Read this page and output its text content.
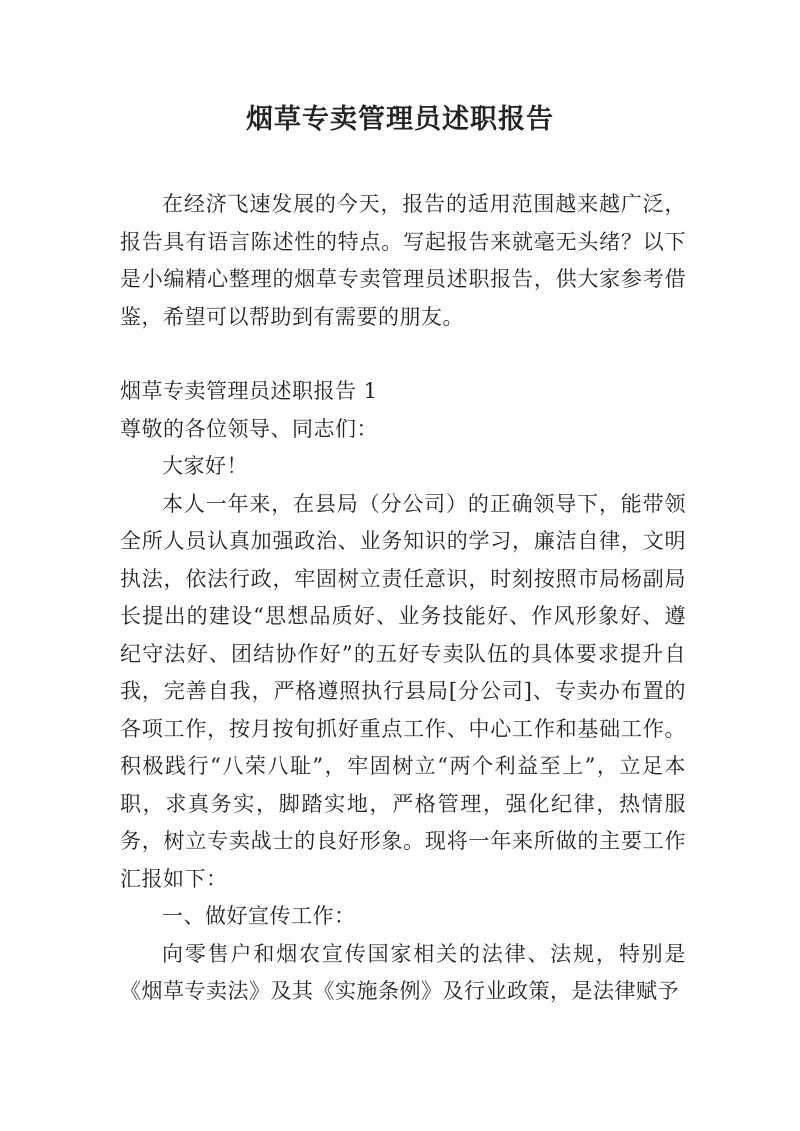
烟草专卖管理员述职报告

在经济飞速发展的今天，报告的适用范围越来越广泛，报告具有语言陈述性的特点。写起报告来就毫无头绪？以下是小编精心整理的烟草专卖管理员述职报告，供大家参考借鉴，希望可以帮助到有需要的朋友。

烟草专卖管理员述职报告 1

尊敬的各位领导、同志们：

大家好！

本人一年来，在县局（分公司）的正确领导下，能带领全所人员认真加强政治、业务知识的学习，廉洁自律，文明执法，依法行政，牢固树立责任意识，时刻按照市局杨副局长提出的建设“思想品质好、业务技能好、作风形象好、遵纪守法好、团结协作好”的五好专卖队伍的具体要求提升自我，完善自我，严格遵照执行县局[分公司]、专卖办布置的各项工作，按月按旬抓好重点工作、中心工作和基础工作。积极践行“八荣八耻”，牢固树立“两个利益至上”，立足本职，求真务实，脚踏实地，严格管理，强化纪律，热情服务，树立专卖战士的良好形象。现将一年来所做的主要工作汇报如下：

一、做好宣传工作：

向零售户和烟农宣传国家相关的法律、法规，特别是《烟草专卖法》及其《实施条例》及行业政策，是法律赋予
